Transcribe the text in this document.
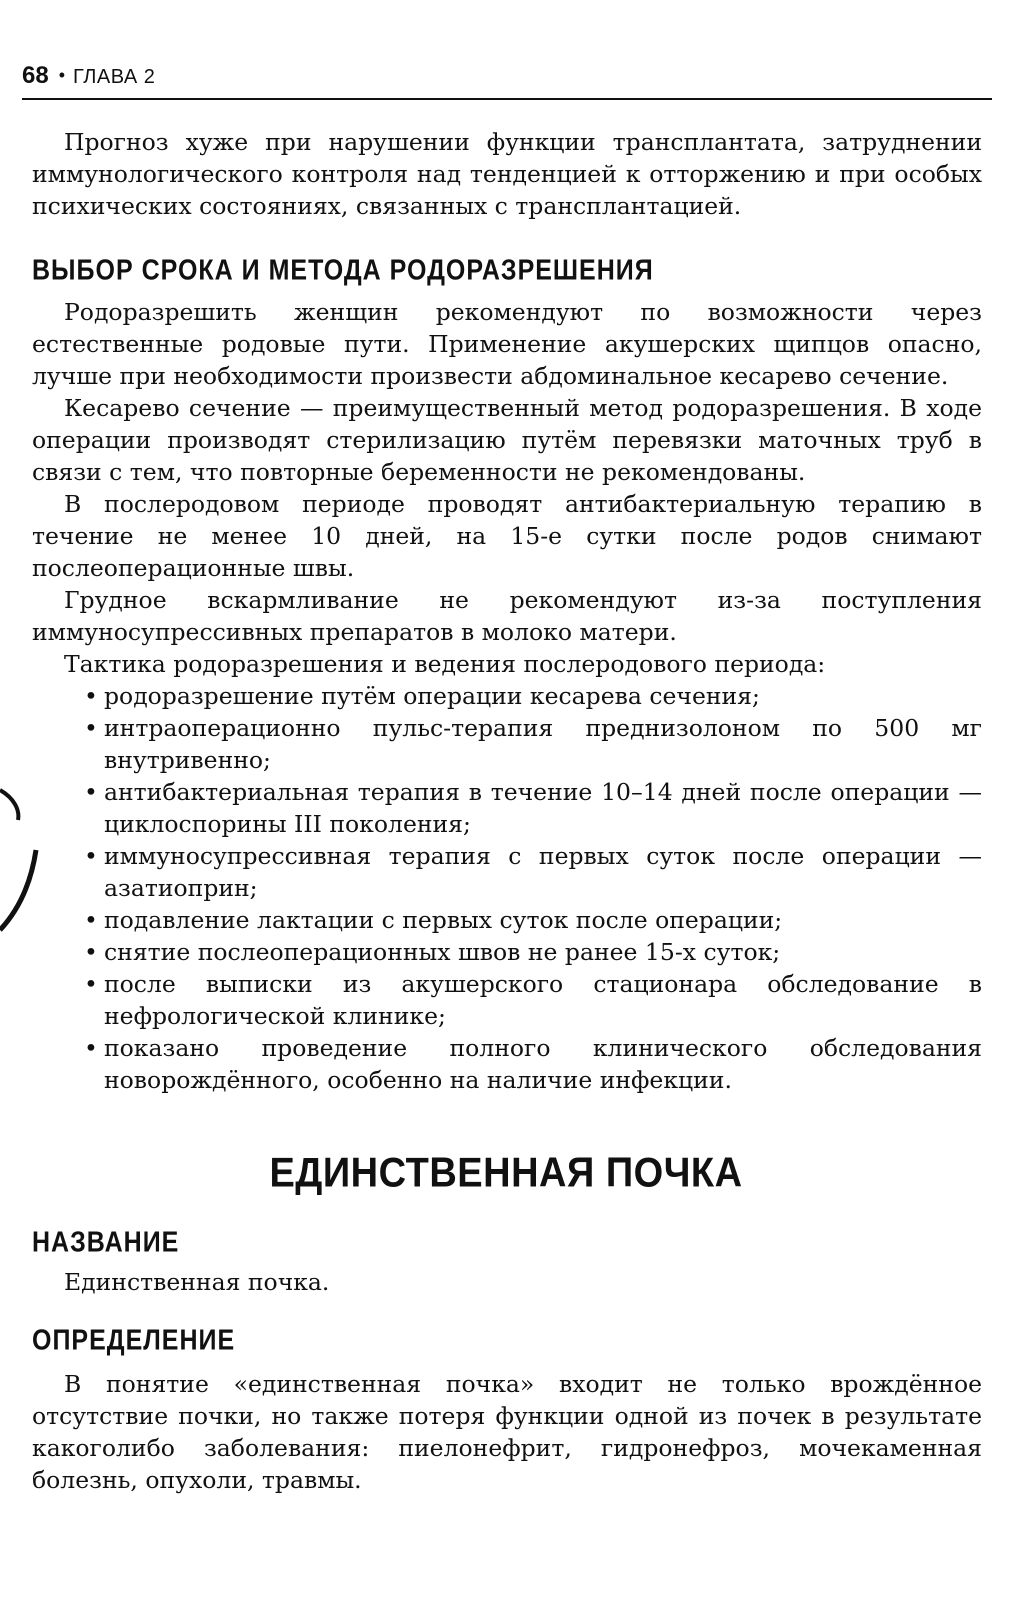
68 • ГЛАВА 2

Прогноз хуже при нарушении функции трансплантата, затруднении иммунологического контроля над тенденцией к отторжению и при особых психических состояниях, связанных с трансплантацией.

ВЫБОР СРОКА И МЕТОДА РОДОРАЗРЕШЕНИЯ

Родоразрешить женщин рекомендуют по возможности через естественные родовые пути. Применение акушерских щипцов опасно, лучше при необходимости произвести абдоминальное кесарево сечение.

Кесарево сечение — преимущественный метод родоразрешения. В ходе операции производят стерилизацию путём перевязки маточных труб в связи с тем, что повторные беременности не рекомендованы.

В послеродовом периоде проводят антибактериальную терапию в течение не менее 10 дней, на 15-е сутки после родов снимают послеоперационные швы.

Грудное вскармливание не рекомендуют из-за поступления иммуносупрессивных препаратов в молоко матери.

Тактика родоразрешения и ведения послеродового периода:

• родоразрешение путём операции кесарева сечения;
• интраоперационно пульс-терапия преднизолоном по 500 мг внутривенно;
• антибактериальная терапия в течение 10–14 дней после операции — циклоспорины III поколения;
• иммуносупрессивная терапия с первых суток после операции — азатиоприн;
• подавление лактации с первых суток после операции;
• снятие послеоперационных швов не ранее 15-х суток;
• после выписки из акушерского стационара обследование в нефрологической клинике;
• показано проведение полного клинического обследования новорождённого, особенно на наличие инфекции.
ЕДИНСТВЕННАЯ ПОЧКА
НАЗВАНИЕ

Единственная почка.

ОПРЕДЕЛЕНИЕ

В понятие «единственная почка» входит не только врождённое отсутствие почки, но также потеря функции одной из почек в результате какоголибо заболевания: пиелонефрит, гидронефроз, мочекаменная болезнь, опухоли, травмы.
